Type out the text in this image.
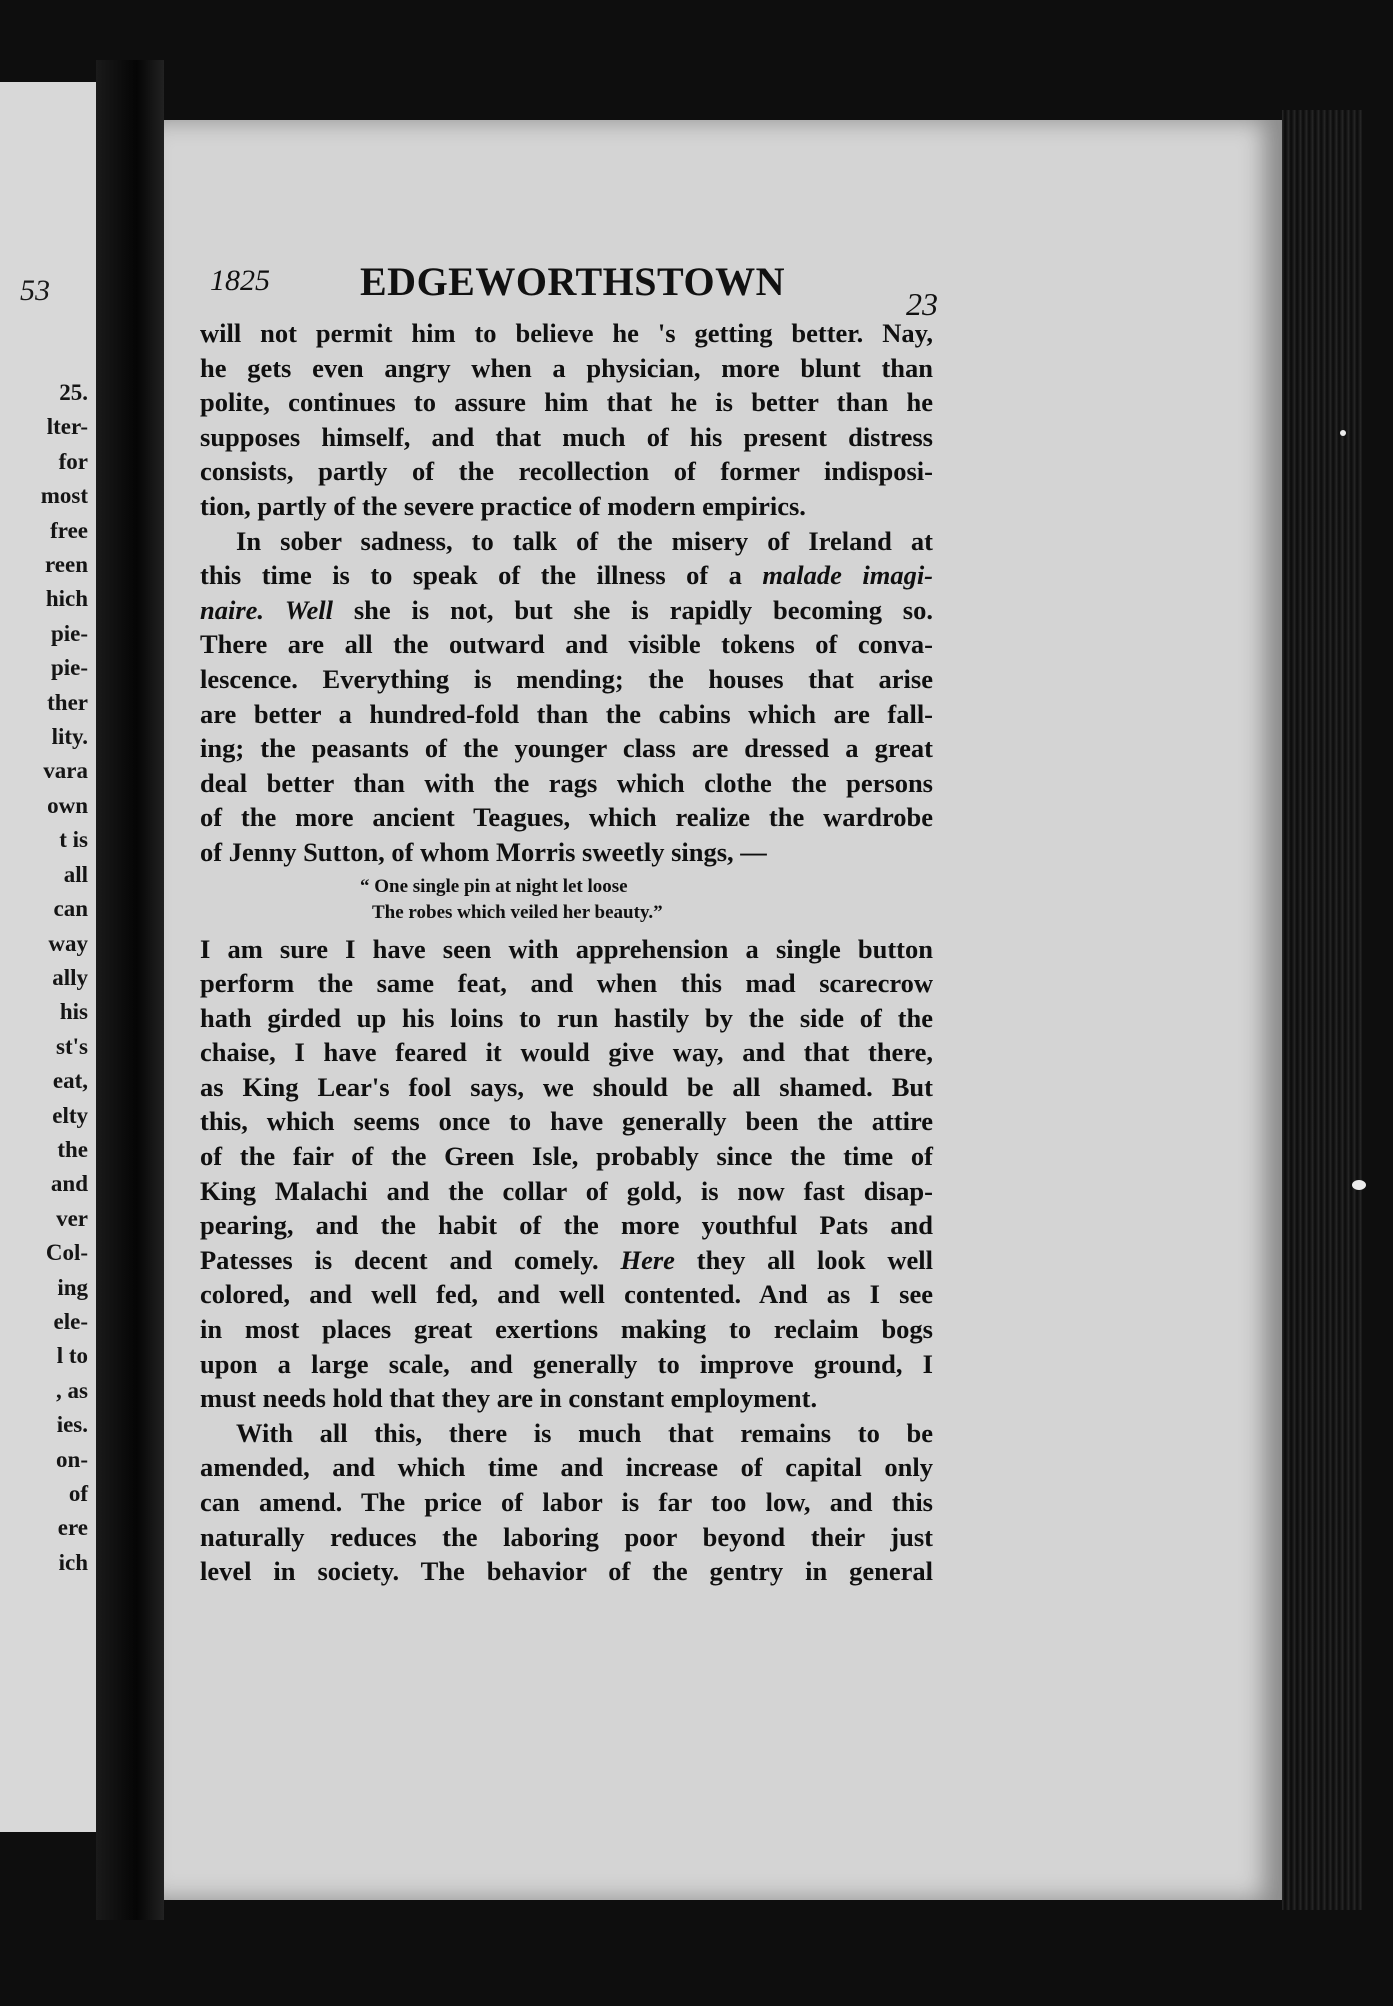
53
25.
lter-
for
most
free
reen
hich
pie-
pie-
ther
lity.
vara
own
t is
all
can
way
ally
his
st's
eat,
elty
the
and
ver
Col-
ing
ele-
l to
, as
ies.
on-
of
ere
ich
1825 EDGEWORTHSTOWN	23
will not permit him to believe he 's getting better. Nay,
he gets even angry when a physician, more blunt than
polite, continues to assure him that he is better than he
supposes himself, and that much of his present distress
consists, partly of the recollection of former indisposi-
tion, partly of the severe practice of modern empirics.
In sober sadness, to talk of the misery of Ireland at
this time is to speak of the illness of a malade imagi-
naire. Well she is not, but she is rapidly becoming so.
There are all the outward and visible tokens of conva-
lescence. Everything is mending; the houses that arise
are better a hundred-fold than the cabins which are fall-
ing; the peasants of the younger class are dressed a great
deal better than with the rags which clothe the persons
of the more ancient Teagues, which realize the wardrobe
of Jenny Sutton, of whom Morris sweetly sings, —
“ One single pin at night let loose
The robes which veiled her beauty.”
I am sure I have seen with apprehension a single button
perform the same feat, and when this mad scarecrow
hath girded up his loins to run hastily by the side of the
chaise, I have feared it would give way, and that there,
as King Lear's fool says, we should be all shamed. But
this, which seems once to have generally been the attire
of the fair of the Green Isle, probably since the time of
King Malachi and the collar of gold, is now fast disap-
pearing, and the habit of the more youthful Pats and
Patesses is decent and comely. Here they all look well
colored, and well fed, and well contented. And as I see
in most places great exertions making to reclaim bogs
upon a large scale, and generally to improve ground, I
must needs hold that they are in constant employment.
With all this, there is much that remains to be
amended, and which time and increase of capital only
can amend. The price of labor is far too low, and this
naturally reduces the laboring poor beyond their just
level in society. The behavior of the gentry in general
